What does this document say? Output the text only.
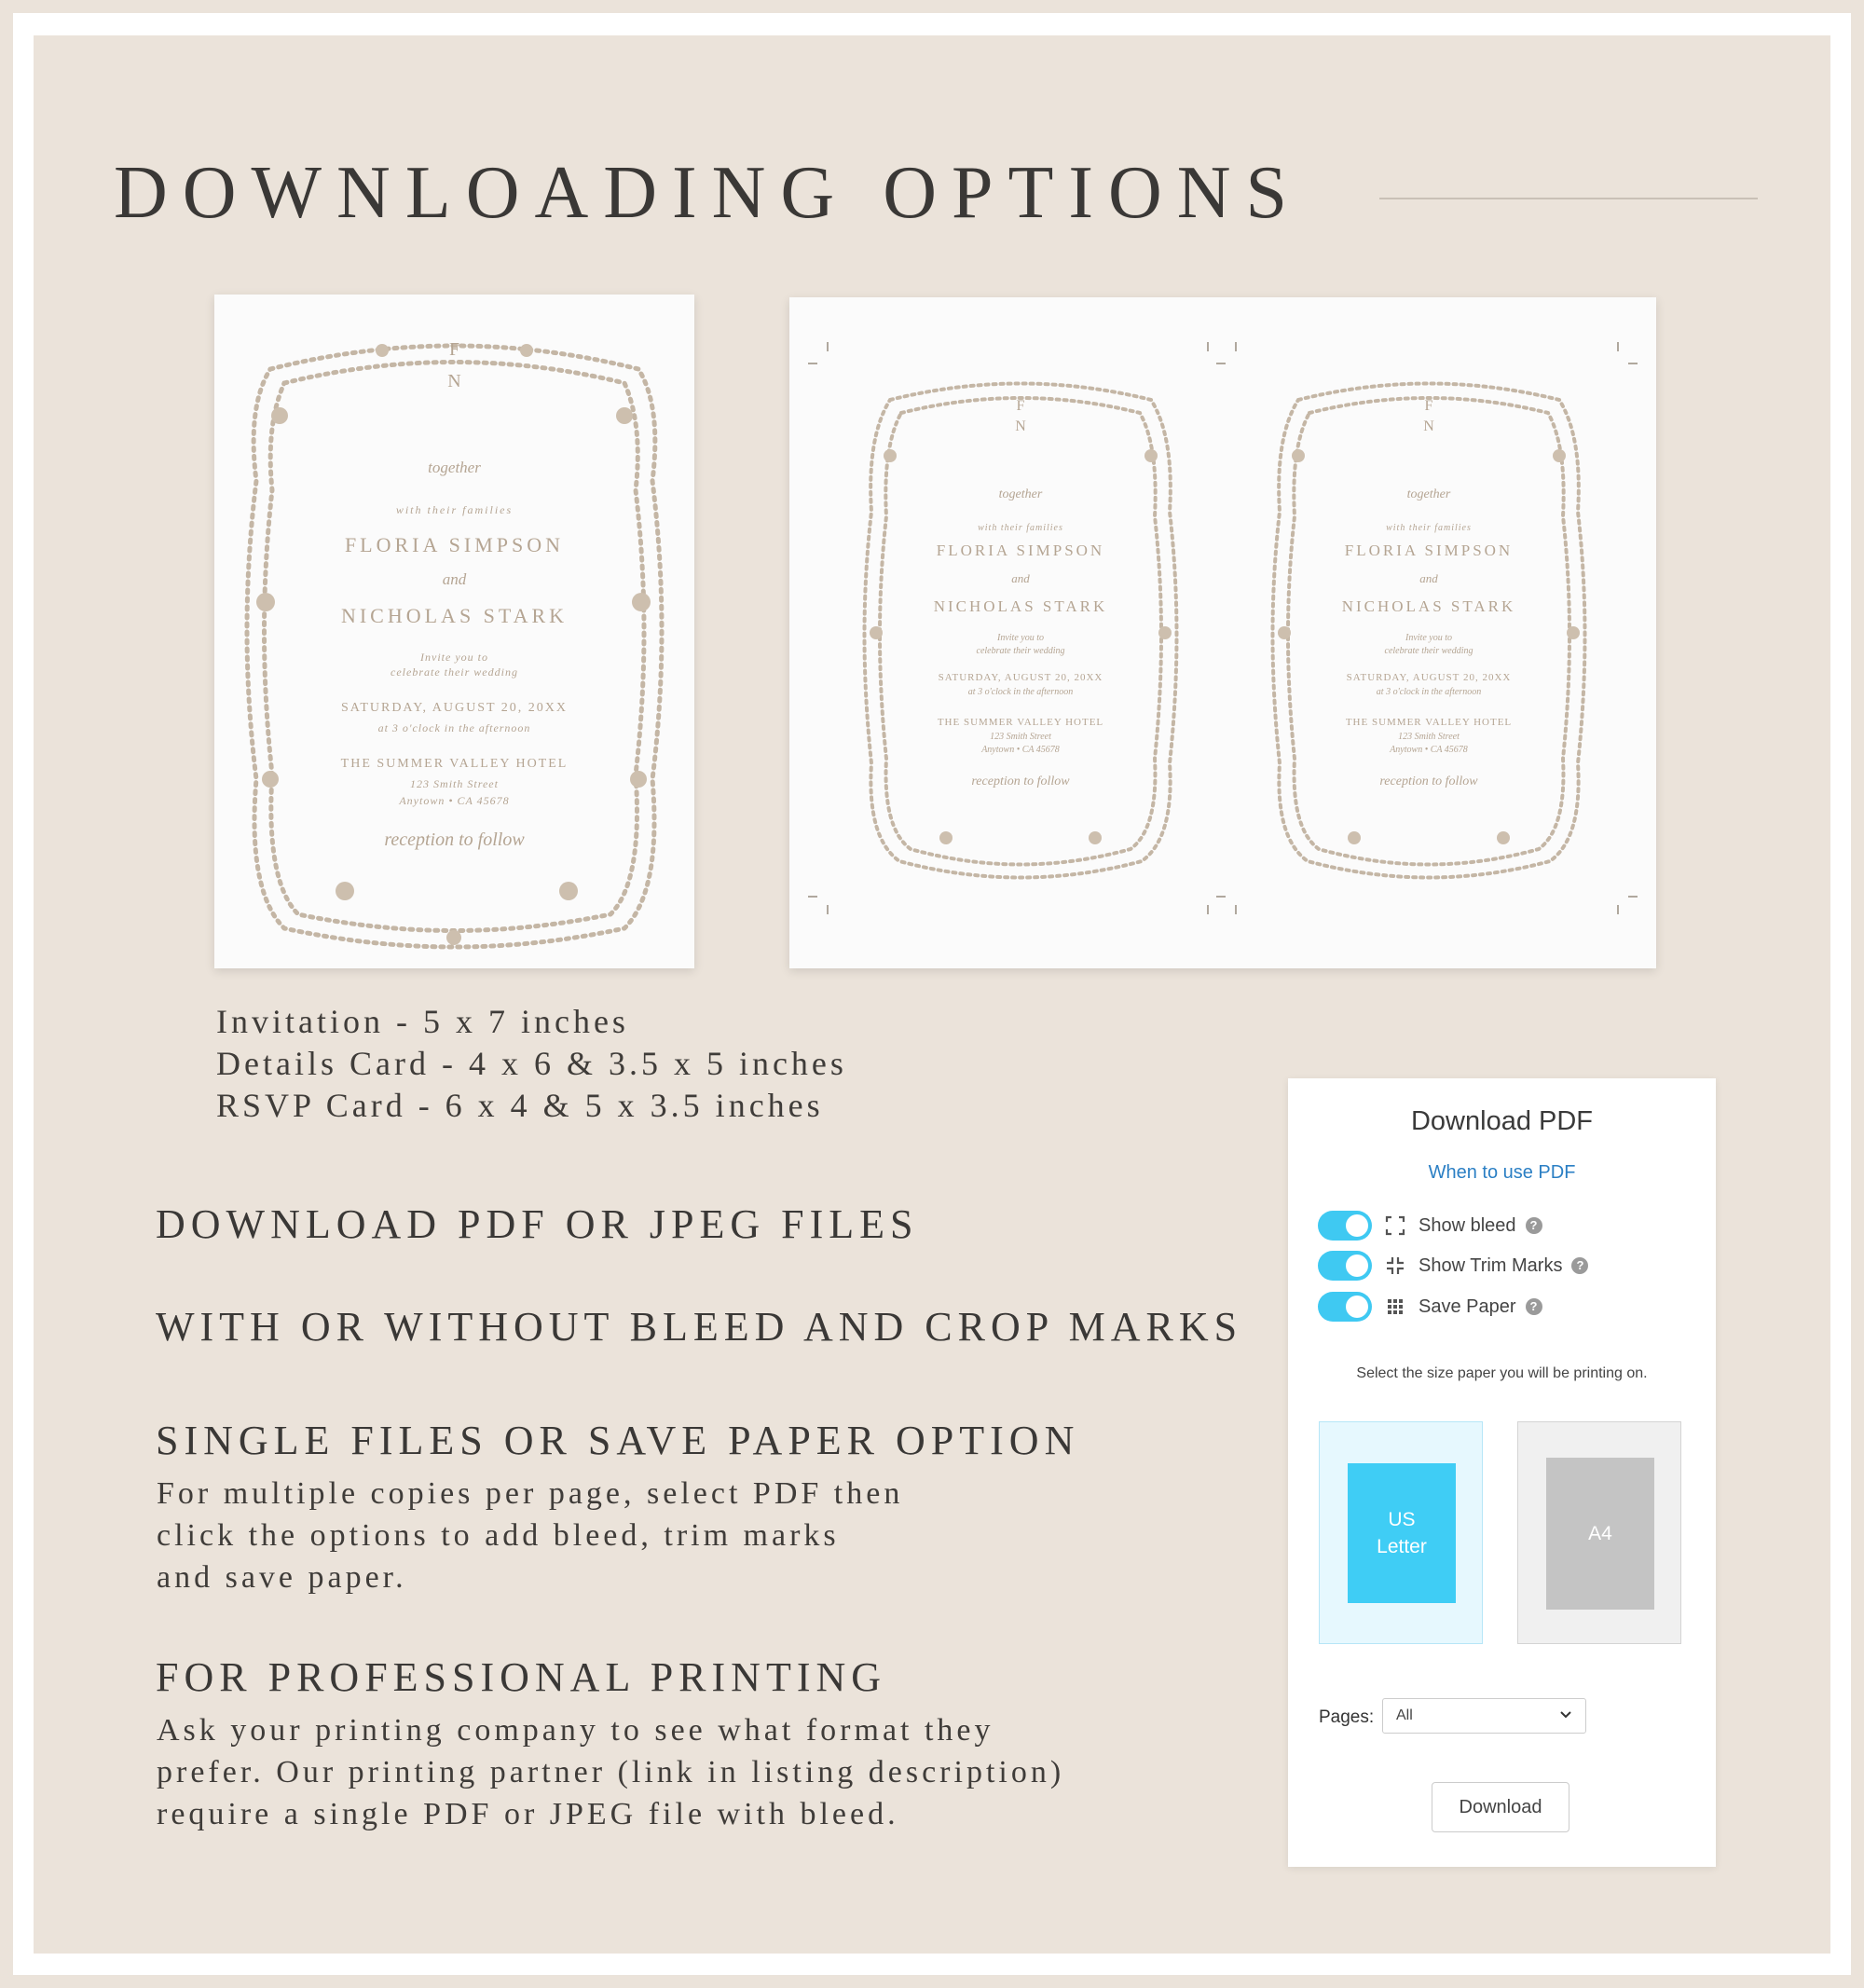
DOWNLOADING OPTIONS
F
N
together
with their families
FLORIA SIMPSON
and
NICHOLAS STARK
Invite you to
celebrate their wedding
SATURDAY, AUGUST 20, 20XX
at 3 o'clock in the afternoon
THE SUMMER VALLEY HOTEL
123 Smith Street
Anytown • CA 45678
reception to follow
F
N
together
with their families
FLORIA SIMPSON
and
NICHOLAS STARK
Invite you to
celebrate their wedding
SATURDAY, AUGUST 20, 20XX
at 3 o'clock in the afternoon
THE SUMMER VALLEY HOTEL
123 Smith Street
Anytown • CA 45678
reception to follow
F
N
together
with their families
FLORIA SIMPSON
and
NICHOLAS STARK
Invite you to
celebrate their wedding
SATURDAY, AUGUST 20, 20XX
at 3 o'clock in the afternoon
THE SUMMER VALLEY HOTEL
123 Smith Street
Anytown • CA 45678
reception to follow
Invitation - 5 x 7 inches
Details Card - 4 x 6 & 3.5 x 5 inches
RSVP Card - 6 x 4 & 5 x 3.5 inches
DOWNLOAD PDF OR JPEG FILES
WITH OR WITHOUT BLEED AND CROP MARKS
SINGLE FILES OR SAVE PAPER OPTION
For multiple copies per page, select PDF then
click the options to add bleed, trim marks
and save paper.
FOR PROFESSIONAL PRINTING
Ask your printing company to see what format they
prefer. Our printing partner (link in listing description)
require a single PDF or JPEG file with bleed.
Download PDF
When to use PDF
Show bleed	?
Show Trim Marks	?
Save Paper	?
Select the size paper you will be printing on.
US
Letter
A4
Pages: All
Download
